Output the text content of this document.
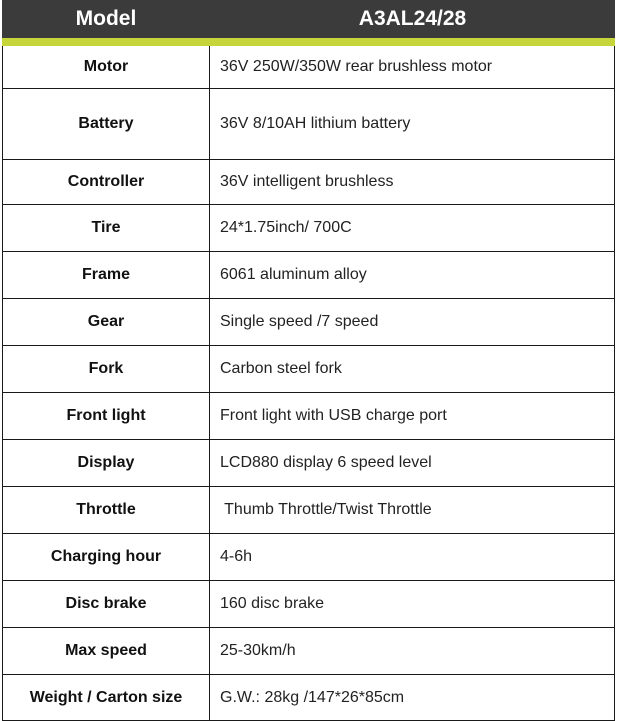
Model	A3AL24/28
Motor	36V 250W/350W rear brushless motor
Battery	36V 8/10AH lithium battery
Controller	36V intelligent brushless
Tire	24*1.75inch/ 700C
Frame	6061 aluminum alloy
Gear	Single speed /7 speed
Fork	Carbon steel fork
Front light	Front light with USB charge port
Display	LCD880 display 6 speed level
Throttle	Thumb Throttle/Twist Throttle
Charging hour	4-6h
Disc brake	160 disc brake
Max speed	25-30km/h
Weight / Carton size	G.W.: 28kg /147*26*85cm
